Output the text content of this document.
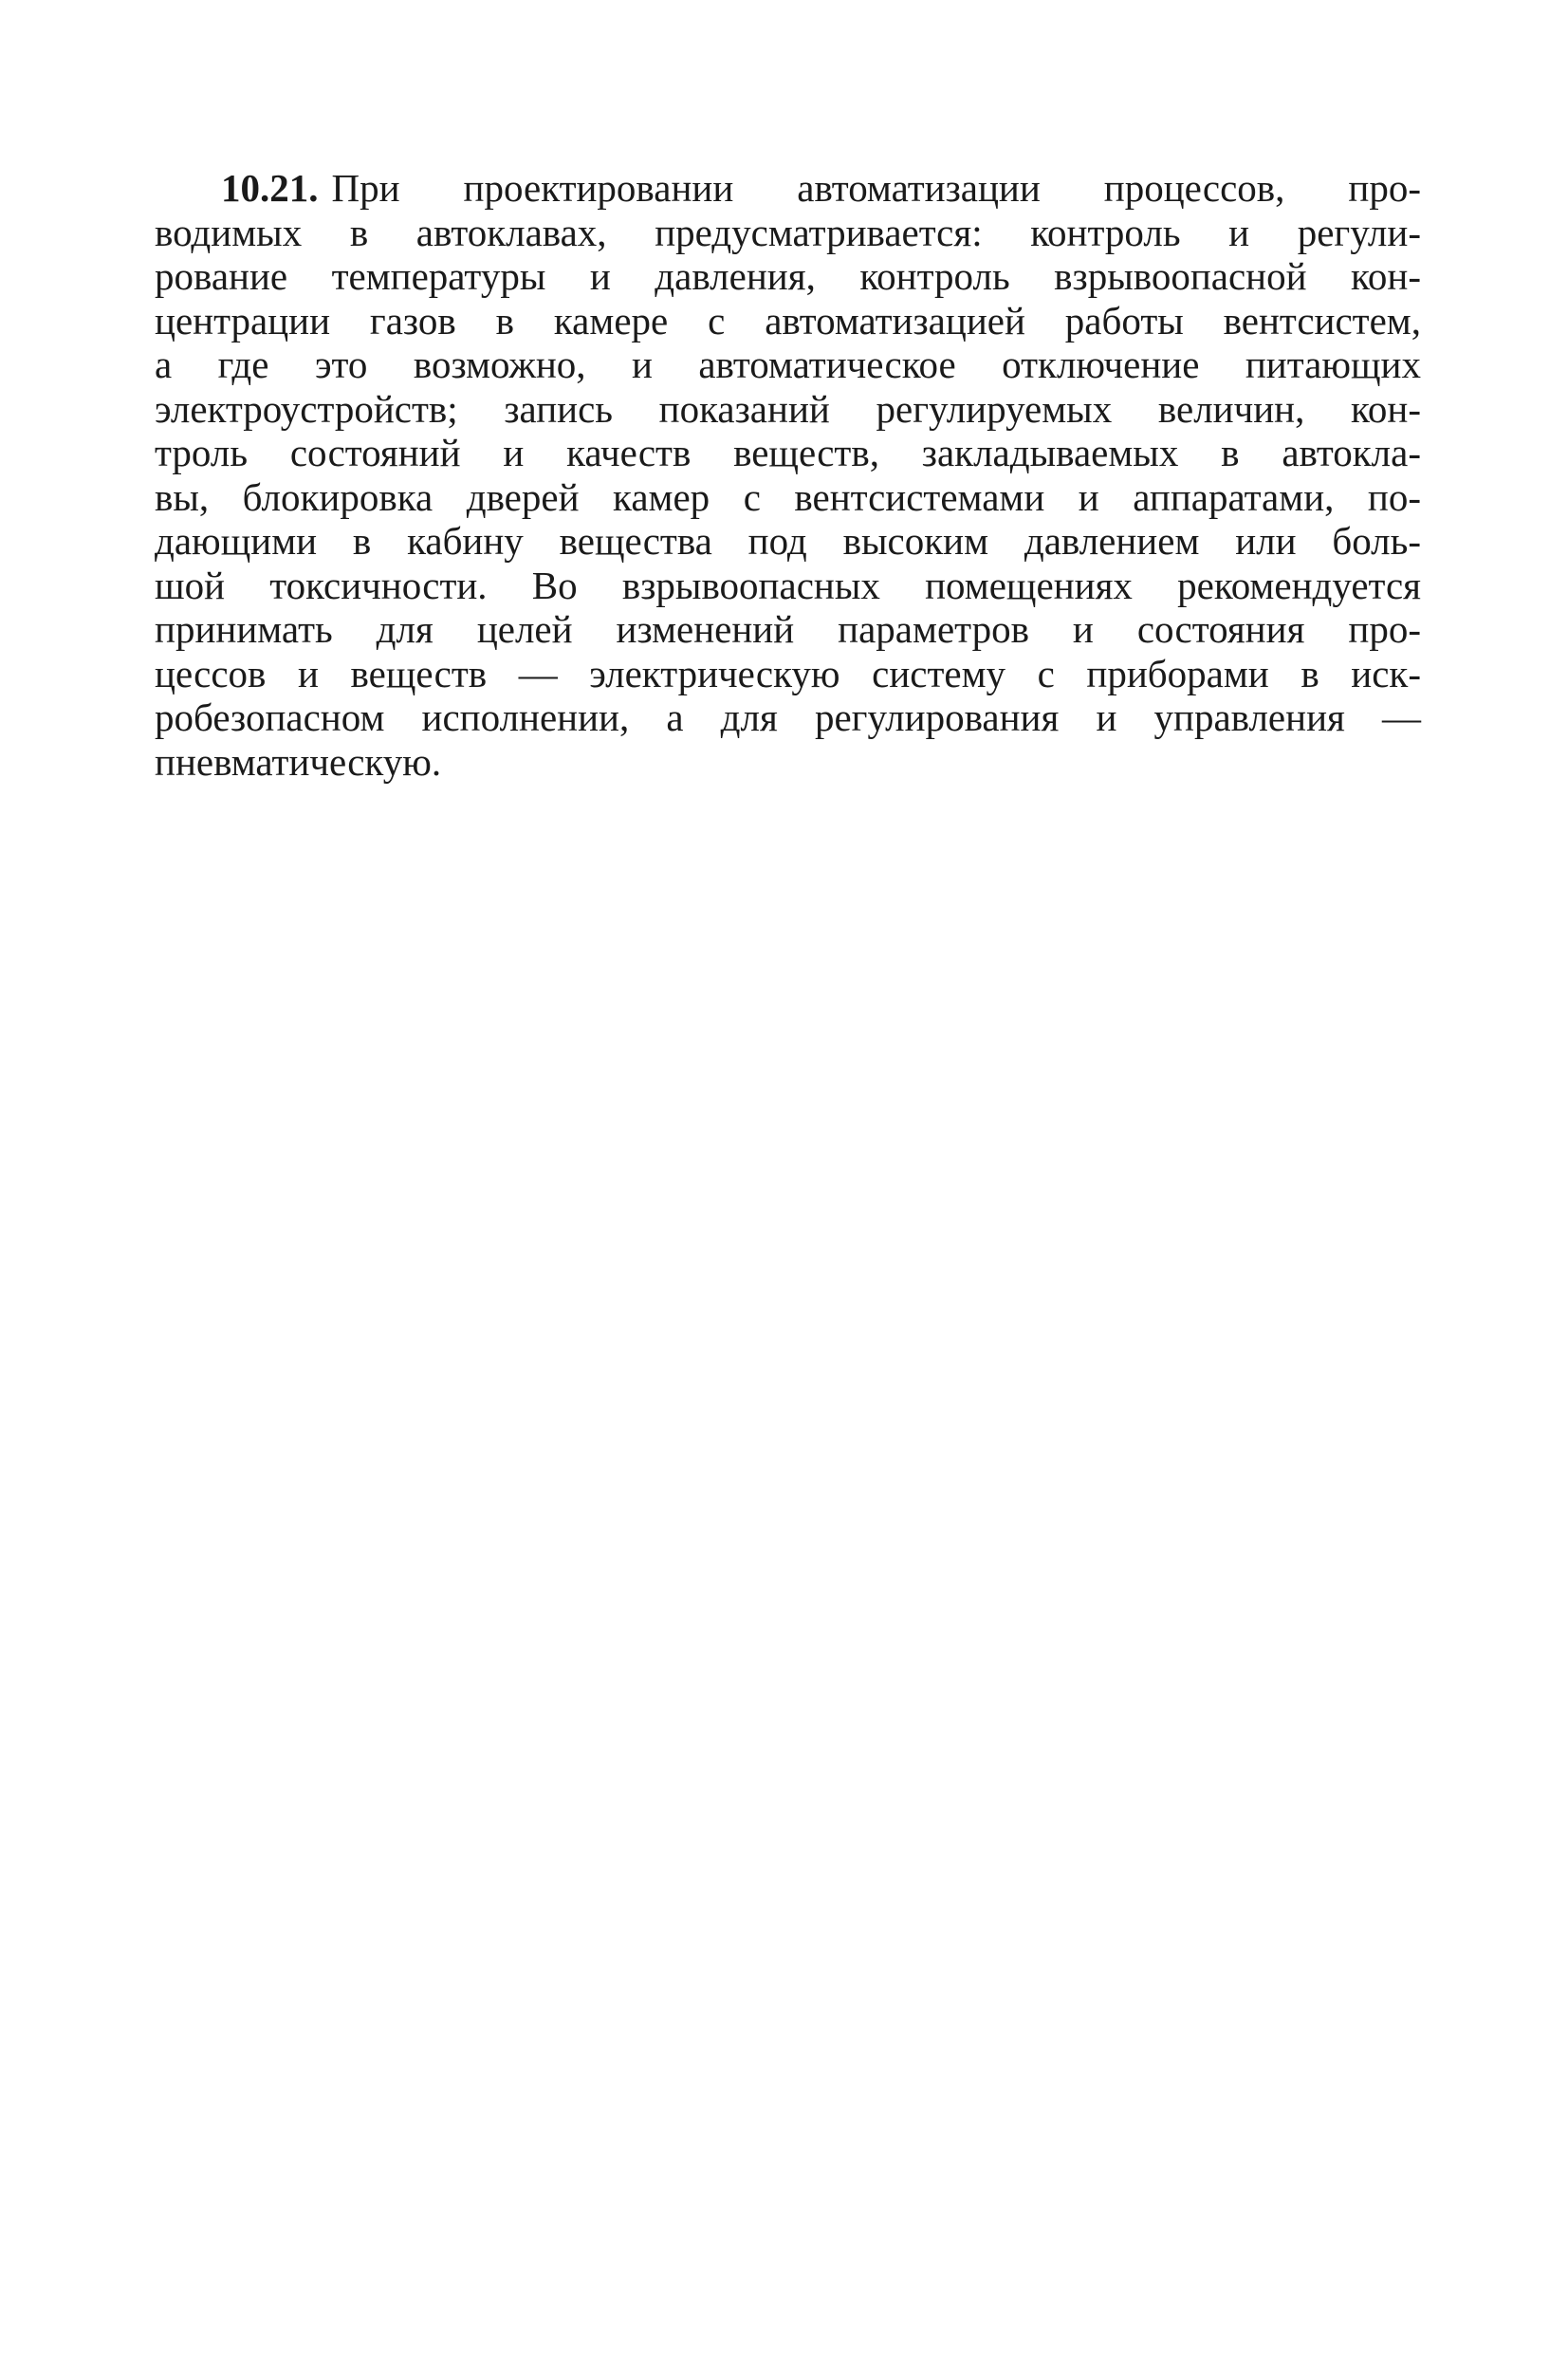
10.21. При проектировании автоматизации процессов, про-
водимых в автоклавах, предусматривается: контроль и регули-
рование температуры и давления, контроль взрывоопасной кон-
центрации газов в камере с автоматизацией работы вентсистем,
а где это возможно, и автоматическое отключение питающих
электроустройств; запись показаний регулируемых величин, кон-
троль состояний и качеств веществ, закладываемых в автокла-
вы, блокировка дверей камер с вентсистемами и аппаратами, по-
дающими в кабину вещества под высоким давлением или боль-
шой токсичности. Во взрывоопасных помещениях рекомендуется
принимать для целей изменений параметров и состояния про-
цессов и веществ — электрическую систему с приборами в иск-
робезопасном исполнении, а для регулирования и управления —
пневматическую.
